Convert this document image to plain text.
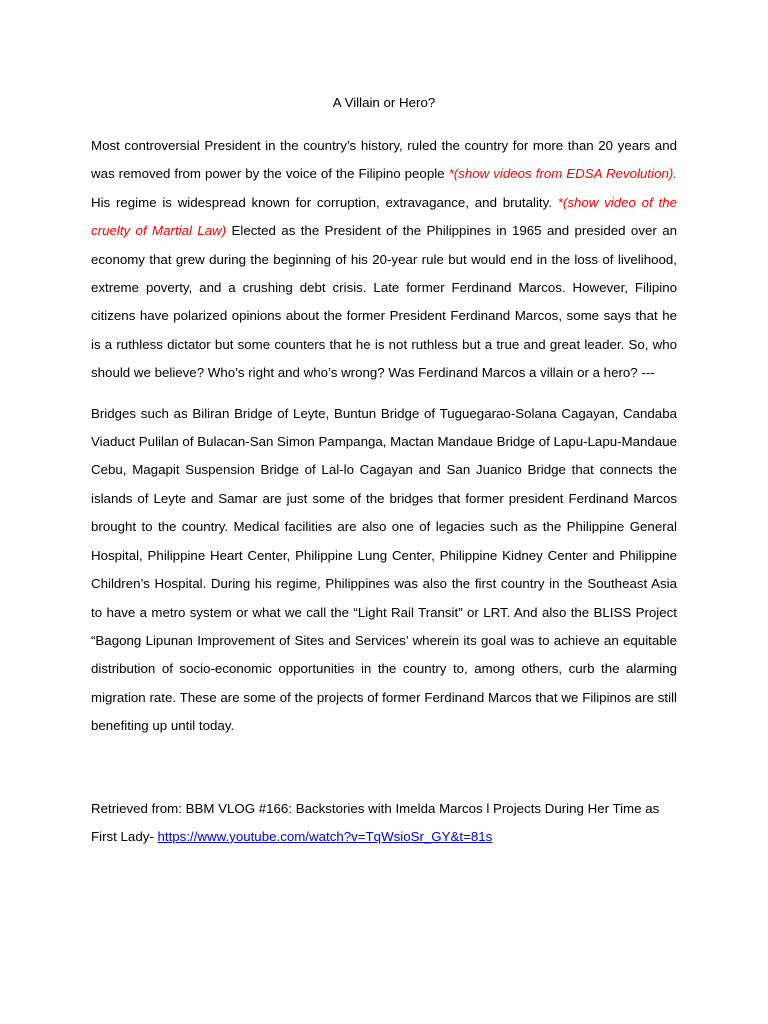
A Villain or Hero?

Most controversial President in the country’s history, ruled the country for more than 20 years and was removed from power by the voice of the Filipino people *(show videos from EDSA Revolution). His regime is widespread known for corruption, extravagance, and brutality. *(show video of the cruelty of Martial Law) Elected as the President of the Philippines in 1965 and presided over an economy that grew during the beginning of his 20-year rule but would end in the loss of livelihood, extreme poverty, and a crushing debt crisis. Late former Ferdinand Marcos. However, Filipino citizens have polarized opinions about the former President Ferdinand Marcos, some says that he is a ruthless dictator but some counters that he is not ruthless but a true and great leader. So, who should we believe? Who’s right and who’s wrong? Was Ferdinand Marcos a villain or a hero? ---

Bridges such as Biliran Bridge of Leyte, Buntun Bridge of Tuguegarao-Solana Cagayan, Candaba Viaduct Pulilan of Bulacan-San Simon Pampanga, Mactan Mandaue Bridge of Lapu-Lapu-Mandaue Cebu, Magapit Suspension Bridge of Lal-lo Cagayan and San Juanico Bridge that connects the islands of Leyte and Samar are just some of the bridges that former president Ferdinand Marcos brought to the country. Medical facilities are also one of legacies such as the Philippine General Hospital, Philippine Heart Center, Philippine Lung Center, Philippine Kidney Center and Philippine Children’s Hospital. During his regime, Philippines was also the first country in the Southeast Asia to have a metro system or what we call the “Light Rail Transit” or LRT. And also the BLISS Project “Bagong Lipunan Improvement of Sites and Services’ wherein its goal was to achieve an equitable distribution of socio-economic opportunities in the country to, among others, curb the alarming migration rate. These are some of the projects of former Ferdinand Marcos that we Filipinos are still benefiting up until today.

Retrieved from: BBM VLOG #166: Backstories with Imelda Marcos l Projects During Her Time as First Lady- https://www.youtube.com/watch?v=TqWsioSr_GY&t=81s
